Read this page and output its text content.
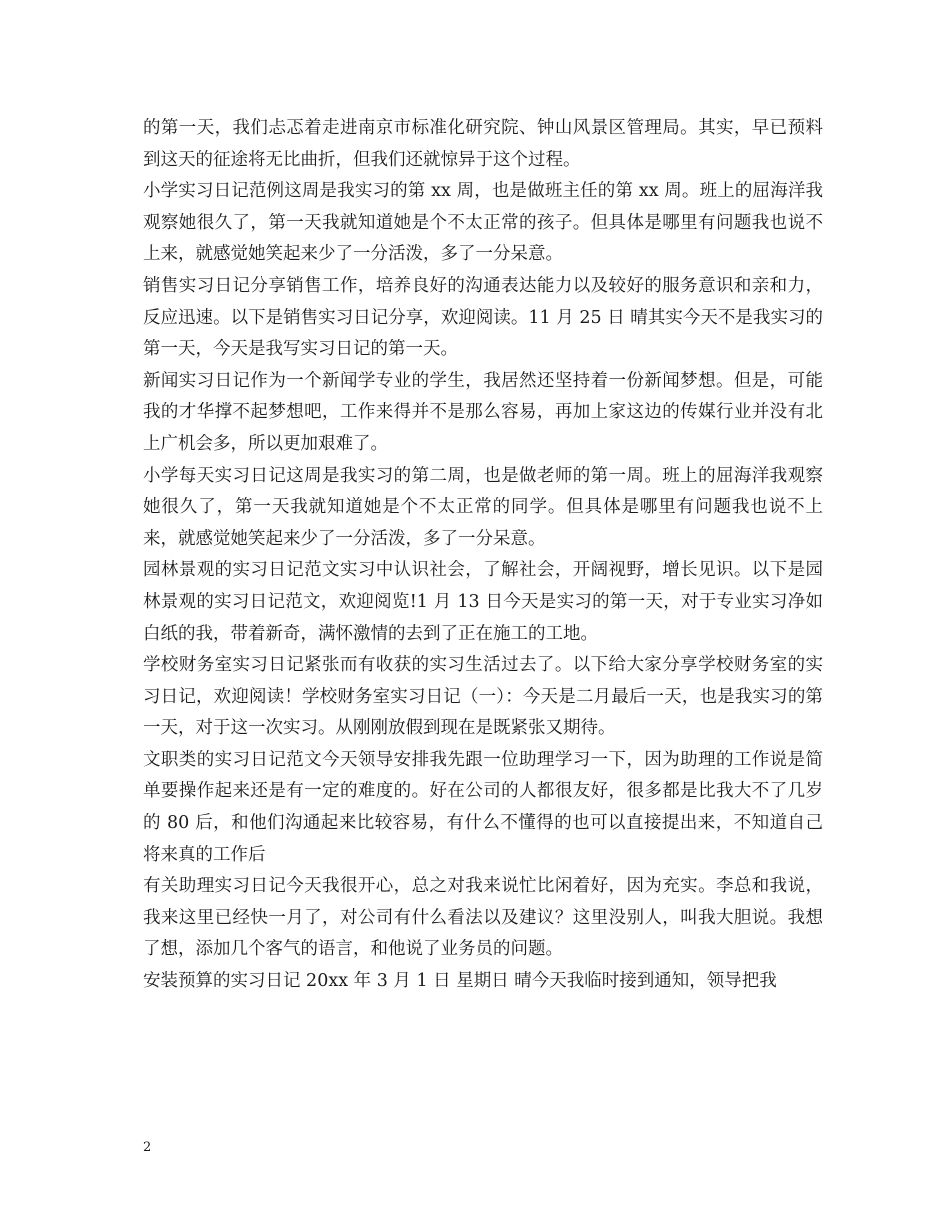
的第一天，我们忐忑着走进南京市标准化研究院、钟山风景区管理局。其实，早已预料到这天的征途将无比曲折，但我们还就惊异于这个过程。

小学实习日记范例这周是我实习的第 xx 周，也是做班主任的第 xx 周。班上的屈海洋我观察她很久了，第一天我就知道她是个不太正常的孩子。但具体是哪里有问题我也说不上来，就感觉她笑起来少了一分活泼，多了一分呆意。

销售实习日记分享销售工作，培养良好的沟通表达能力以及较好的服务意识和亲和力，反应迅速。以下是销售实习日记分享，欢迎阅读。11 月 25 日 晴其实今天不是我实习的第一天，今天是我写实习日记的第一天。

新闻实习日记作为一个新闻学专业的学生，我居然还坚持着一份新闻梦想。但是，可能我的才华撑不起梦想吧，工作来得并不是那么容易，再加上家这边的传媒行业并没有北上广机会多，所以更加艰难了。

小学每天实习日记这周是我实习的第二周，也是做老师的第一周。班上的屈海洋我观察她很久了，第一天我就知道她是个不太正常的同学。但具体是哪里有问题我也说不上来，就感觉她笑起来少了一分活泼，多了一分呆意。

园林景观的实习日记范文实习中认识社会，了解社会，开阔视野，增长见识。以下是园林景观的实习日记范文，欢迎阅览!1 月 13 日今天是实习的第一天，对于专业实习净如白纸的我，带着新奇，满怀激情的去到了正在施工的工地。

学校财务室实习日记紧张而有收获的实习生活过去了。以下给大家分享学校财务室的实习日记，欢迎阅读！学校财务室实习日记（一）：今天是二月最后一天，也是我实习的第一天，对于这一次实习。从刚刚放假到现在是既紧张又期待。

文职类的实习日记范文今天领导安排我先跟一位助理学习一下，因为助理的工作说是简单要操作起来还是有一定的难度的。好在公司的人都很友好，很多都是比我大不了几岁的 80 后，和他们沟通起来比较容易，有什么不懂得的也可以直接提出来，不知道自己将来真的工作后

有关助理实习日记今天我很开心，总之对我来说忙比闲着好，因为充实。李总和我说，我来这里已经快一月了，对公司有什么看法以及建议？这里没别人，叫我大胆说。我想了想，添加几个客气的语言，和他说了业务员的问题。

安装预算的实习日记 20xx 年 3 月 1 日 星期日 晴今天我临时接到通知，领导把我

2
